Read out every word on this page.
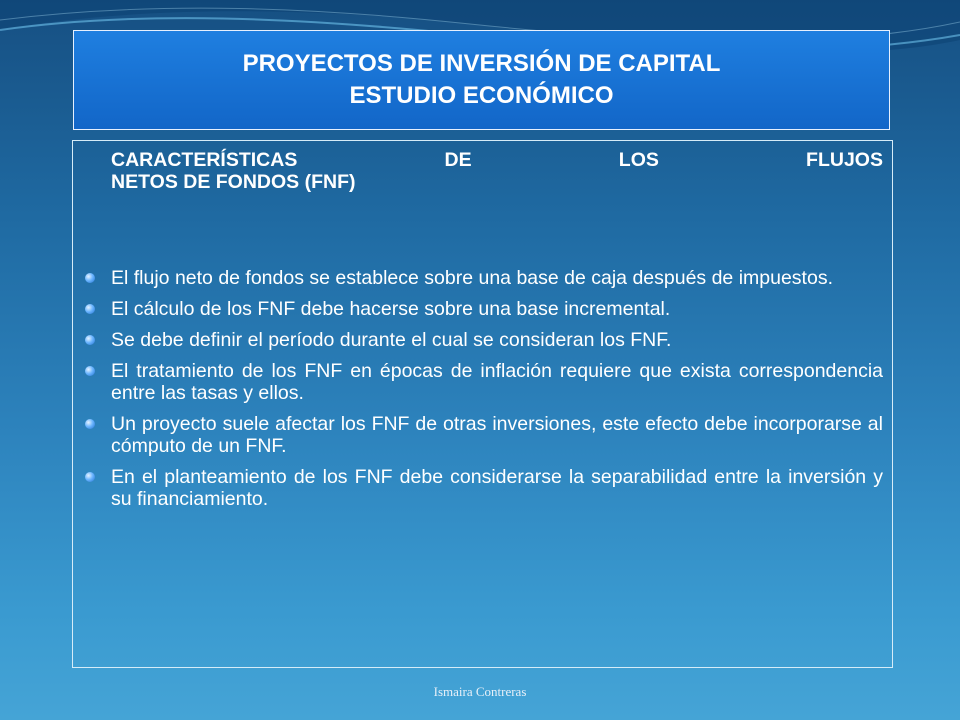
PROYECTOS DE INVERSIÓN DE CAPITAL
ESTUDIO ECONÓMICO
CARACTERÍSTICAS	DE	LOS	FLUJOS
NETOS DE FONDOS (FNF)
El flujo neto de fondos se establece sobre una base de caja después de impuestos.
El cálculo de los FNF debe hacerse sobre una base incremental.
Se debe definir el período durante el cual se consideran los FNF.
El tratamiento de los FNF en épocas de inflación requiere que exista correspondencia entre las tasas y ellos.
Un proyecto suele afectar los FNF de otras inversiones, este efecto debe incorporarse al cómputo de un FNF.
En el planteamiento de los FNF debe considerarse la separabilidad entre la inversión y su financiamiento.
Ismaira Contreras
